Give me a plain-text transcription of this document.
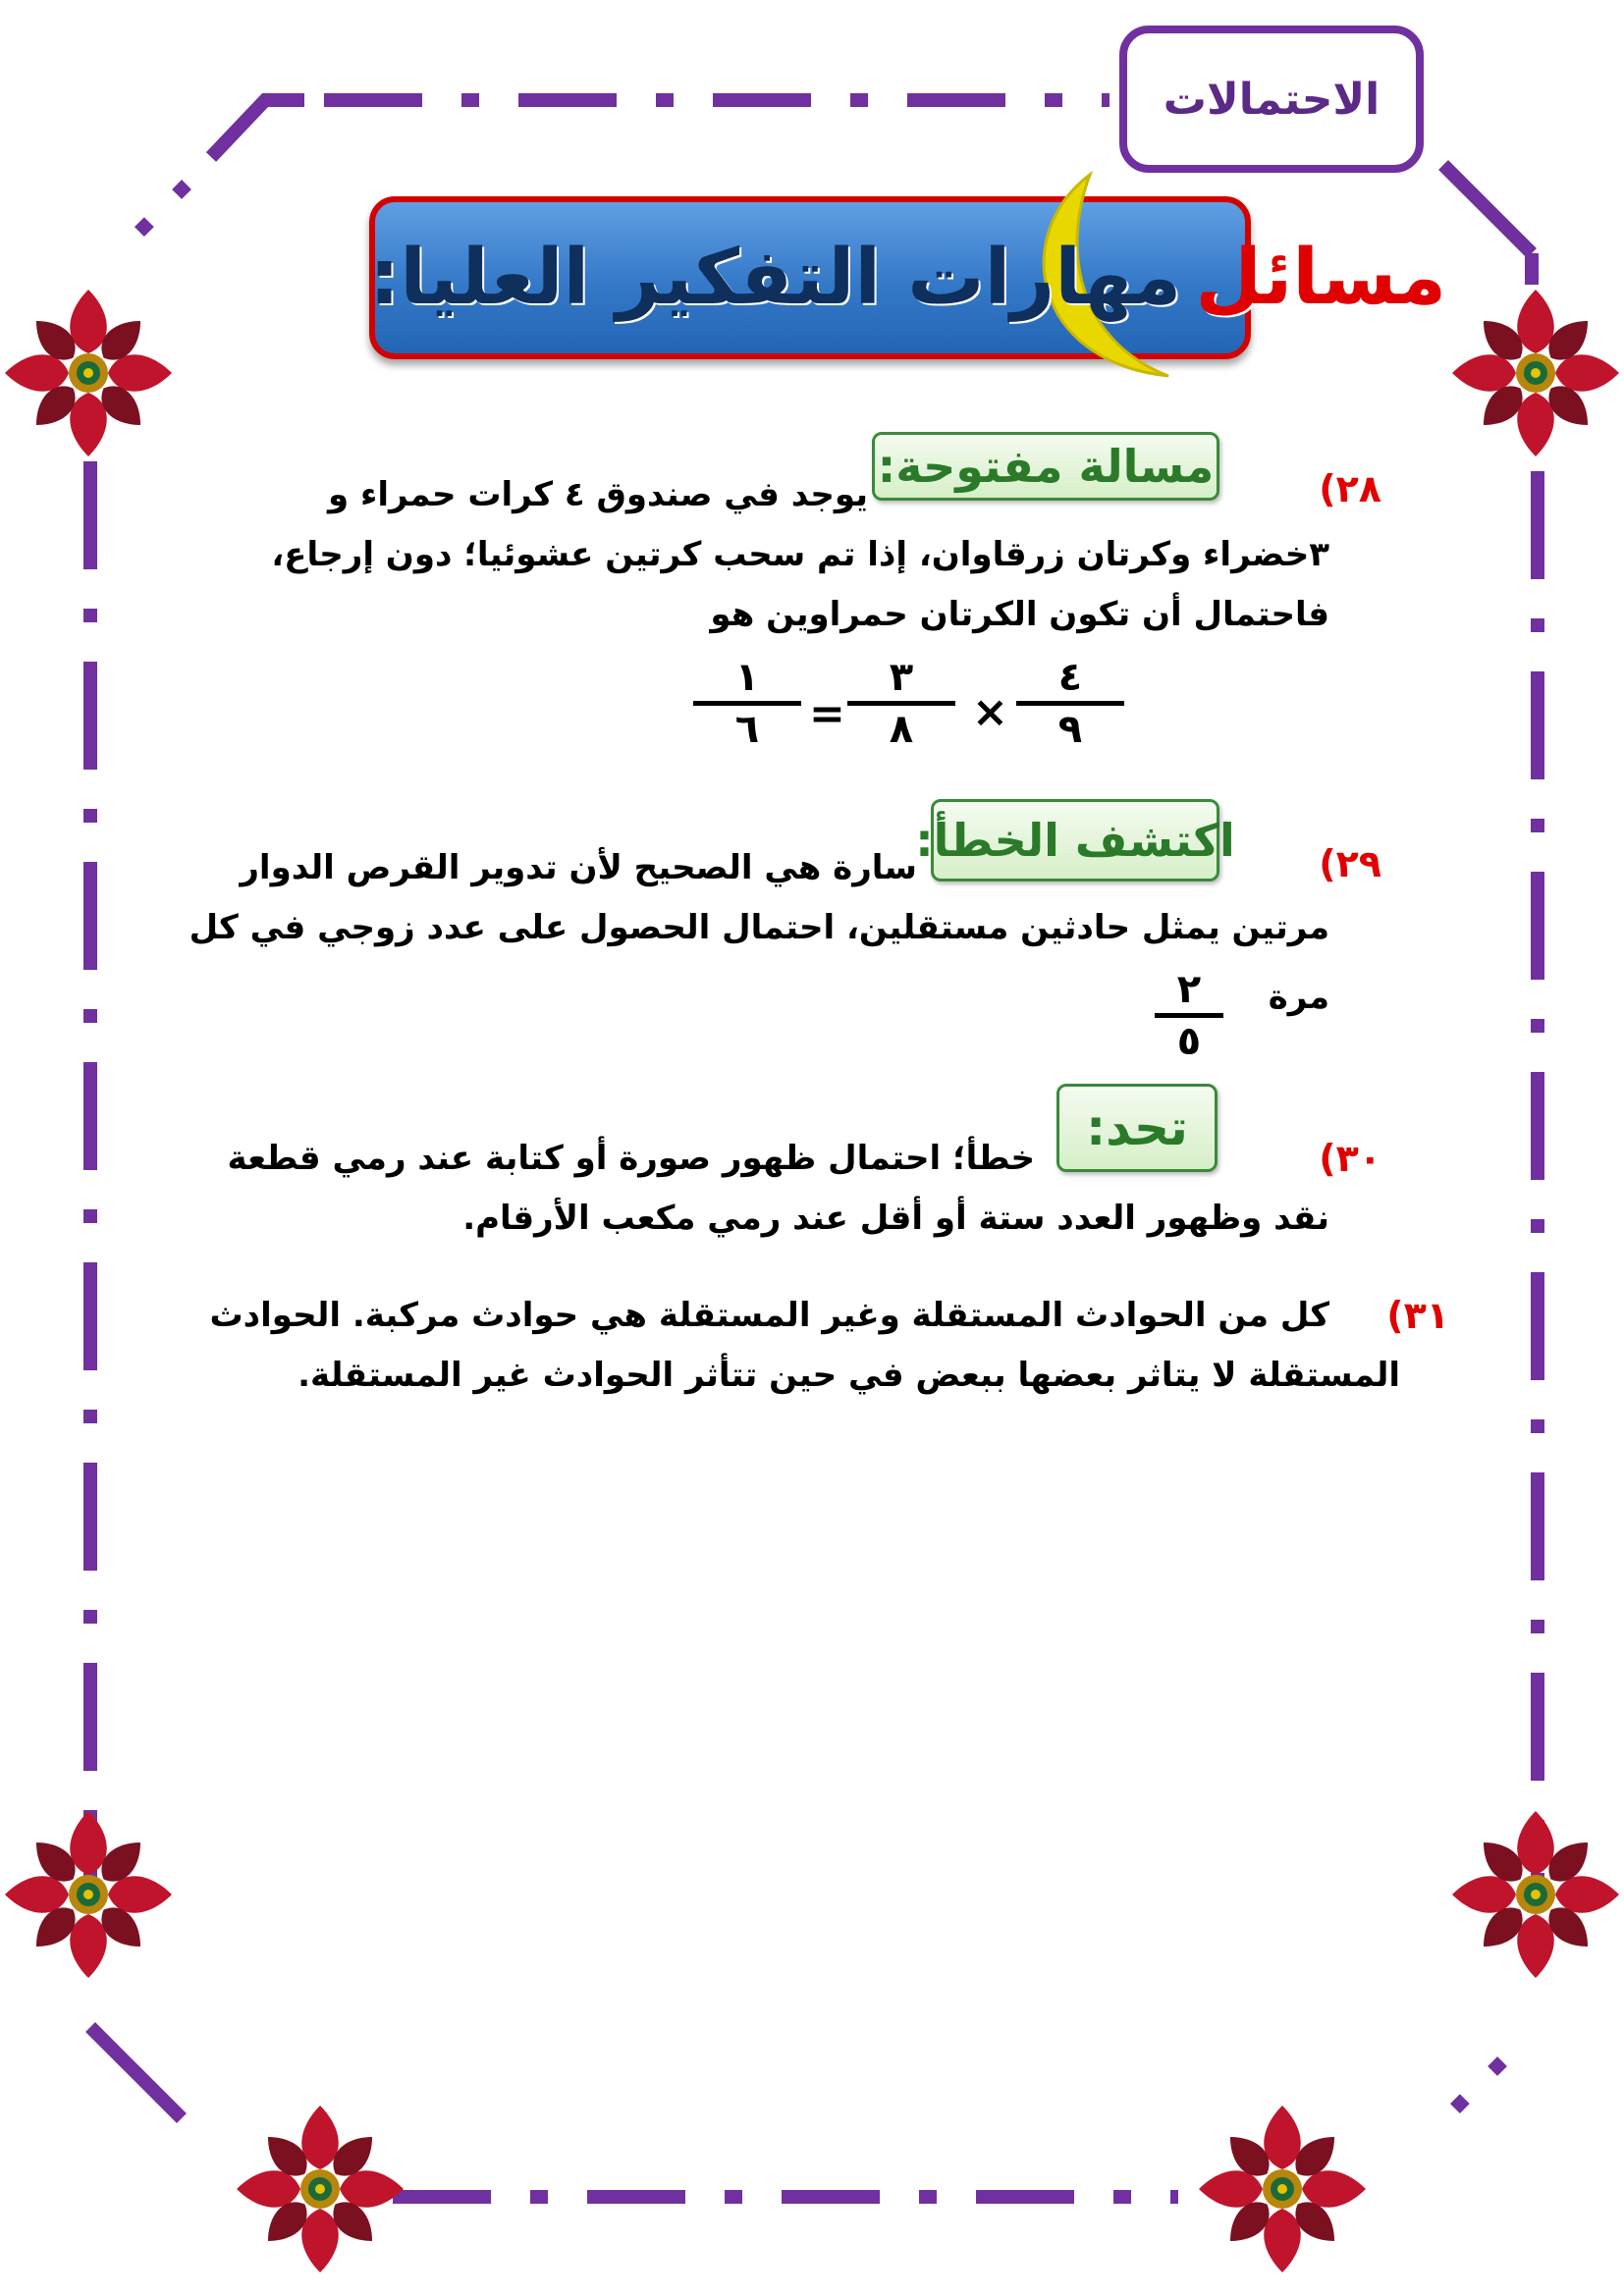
الاحتمالات
مسائل
مهارات التفكير العليا:
مسالة مفتوحة:	٢٨)
يوجد في صندوق ٤ كرات حمراء و
٣خضراء وكرتان زرقاوان، إذا تم سحب كرتين عشوئيا؛ دون إرجاع،
فاحتمال أن تكون الكرتان حمراوين هو
٤
٩
×
٣
٨
=
١
٦
اكتشف الخطأ: ٢٩)
سارة هي الصحيح لأن تدوير القرص الدوار
مرتين يمثل حادثين مستقلين، احتمال الحصول على عدد زوجي في كل
مرة
٢
٥
تحد:
٣٠)
خطأ؛ احتمال ظهور صورة أو كتابة عند رمي قطعة
نقد وظهور العدد ستة أو أقل عند رمي مكعب الأرقام.
٣١)
كل من الحوادث المستقلة وغير المستقلة هي حوادث مركبة. الحوادث
المستقلة لا يتاثر بعضها ببعض في حين تتأثر الحوادث غير المستقلة.
